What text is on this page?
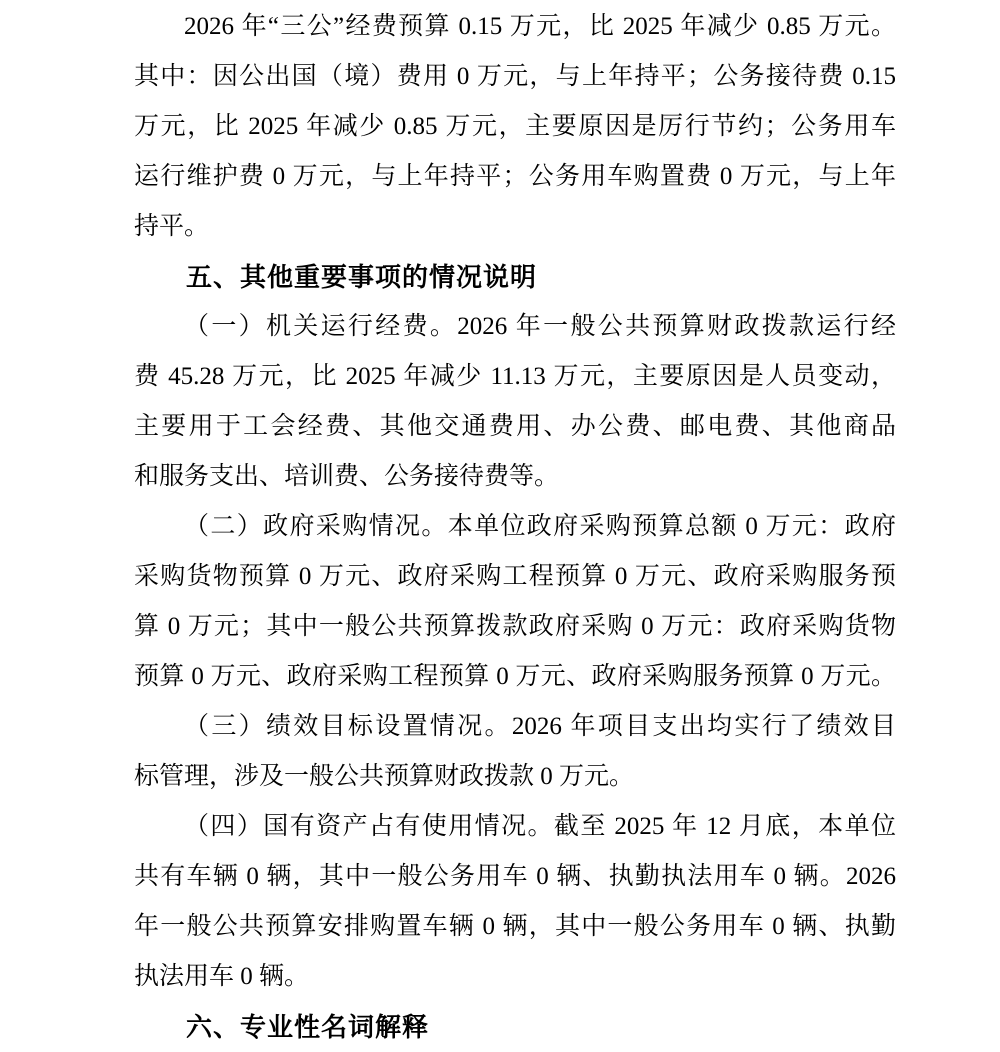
2026 年“三公”经费预算 0.15 万元，比 2025 年减少 0.85 万元。
其中：因公出国（境）费用 0 万元，与上年持平；公务接待费 0.15
万元，比 2025 年减少 0.85 万元，主要原因是厉行节约；公务用车
运行维护费 0 万元，与上年持平；公务用车购置费 0 万元，与上年
持平。
五、其他重要事项的情况说明
（一）机关运行经费。2026 年一般公共预算财政拨款运行经
费 45.28 万元，比 2025 年减少 11.13 万元，主要原因是人员变动，
主要用于工会经费、其他交通费用、办公费、邮电费、其他商品
和服务支出、培训费、公务接待费等。
（二）政府采购情况。本单位政府采购预算总额 0 万元：政府
采购货物预算 0 万元、政府采购工程预算 0 万元、政府采购服务预
算 0 万元；其中一般公共预算拨款政府采购 0 万元：政府采购货物
预算 0 万元、政府采购工程预算 0 万元、政府采购服务预算 0 万元。
（三）绩效目标设置情况。2026 年项目支出均实行了绩效目
标管理，涉及一般公共预算财政拨款 0 万元。
（四）国有资产占有使用情况。截至 2025 年 12 月底，本单位
共有车辆 0 辆，其中一般公务用车 0 辆、执勤执法用车 0 辆。2026
年一般公共预算安排购置车辆 0 辆，其中一般公务用车 0 辆、执勤
执法用车 0 辆。
六、专业性名词解释
